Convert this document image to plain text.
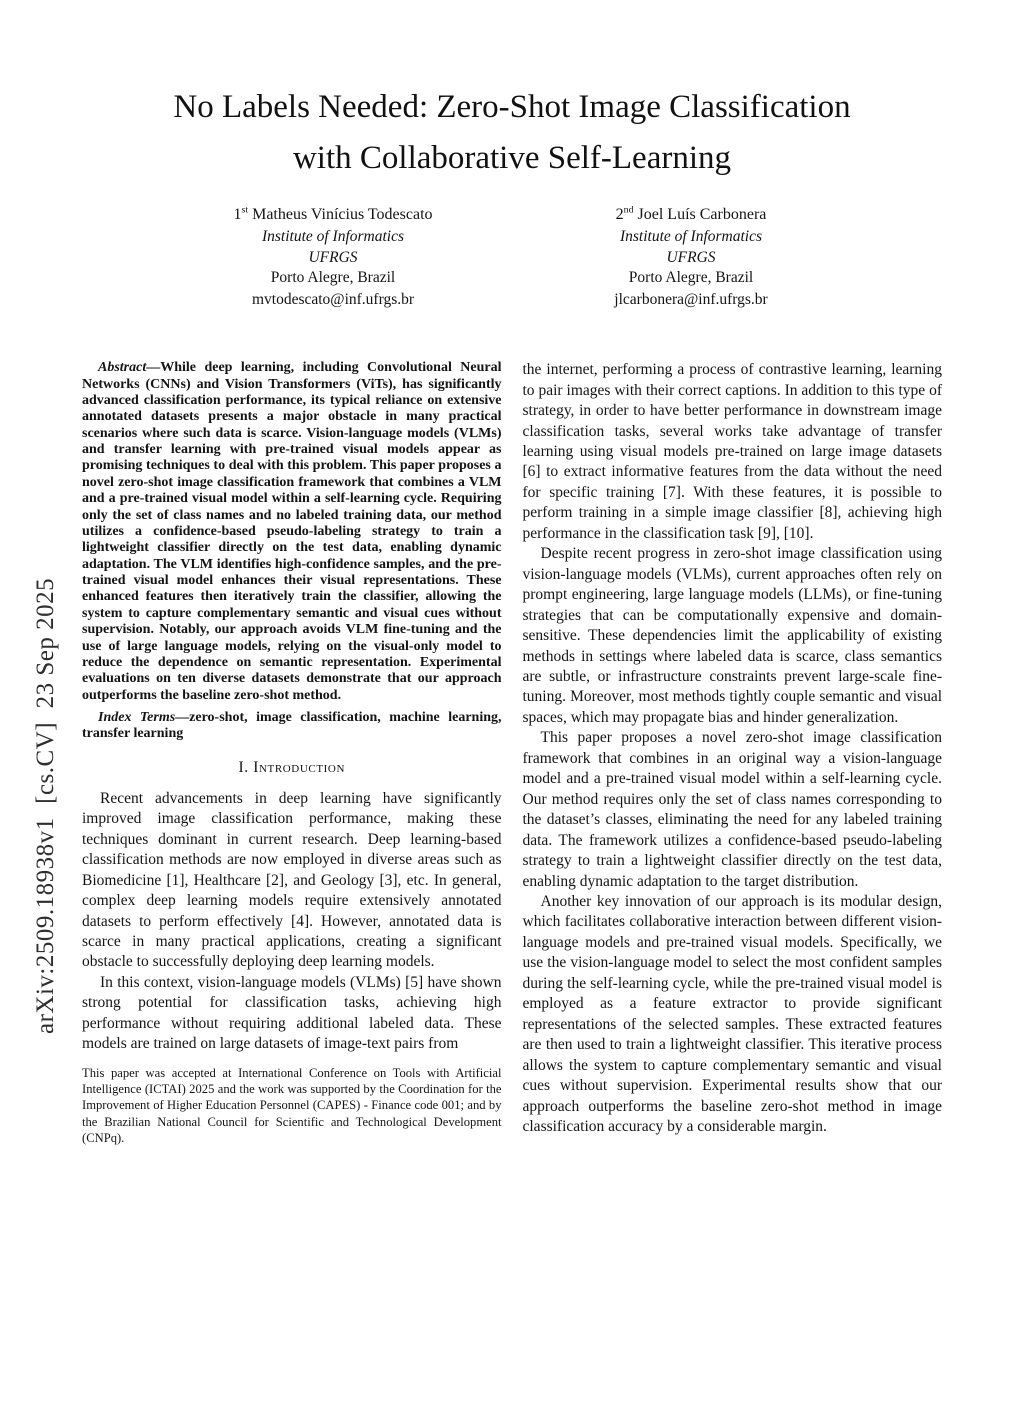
arXiv:2509.18938v1  [cs.CV]  23 Sep 2025
No Labels Needed: Zero-Shot Image Classification
with Collaborative Self-Learning
1st Matheus Vinícius Todescato
Institute of Informatics
UFRGS
Porto Alegre, Brazil
mvtodescato@inf.ufrgs.br
2nd Joel Luís Carbonera
Institute of Informatics
UFRGS
Porto Alegre, Brazil
jlcarbonera@inf.ufrgs.br

Abstract—While deep learning, including Convolutional Neural Networks (CNNs) and Vision Transformers (ViTs), has significantly advanced classification performance, its typical reliance on extensive annotated datasets presents a major obstacle in many practical scenarios where such data is scarce. Vision-language models (VLMs) and transfer learning with pre-trained visual models appear as promising techniques to deal with this problem. This paper proposes a novel zero-shot image classification framework that combines a VLM and a pre-trained visual model within a self-learning cycle. Requiring only the set of class names and no labeled training data, our method utilizes a confidence-based pseudo-labeling strategy to train a lightweight classifier directly on the test data, enabling dynamic adaptation. The VLM identifies high-confidence samples, and the pre-trained visual model enhances their visual representations. These enhanced features then iteratively train the classifier, allowing the system to capture complementary semantic and visual cues without supervision. Notably, our approach avoids VLM fine-tuning and the use of large language models, relying on the visual-only model to reduce the dependence on semantic representation. Experimental evaluations on ten diverse datasets demonstrate that our approach outperforms the baseline zero-shot method.

Index Terms—zero-shot, image classification, machine learning, transfer learning

I. Introduction

Recent advancements in deep learning have significantly improved image classification performance, making these techniques dominant in current research. Deep learning-based classification methods are now employed in diverse areas such as Biomedicine [1], Healthcare [2], and Geology [3], etc. In general, complex deep learning models require extensively annotated datasets to perform effectively [4]. However, annotated data is scarce in many practical applications, creating a significant obstacle to successfully deploying deep learning models.

In this context, vision-language models (VLMs) [5] have shown strong potential for classification tasks, achieving high performance without requiring additional labeled data. These models are trained on large datasets of image-text pairs from

This paper was accepted at International Conference on Tools with Artificial Intelligence (ICTAI) 2025 and the work was supported by the Coordination for the Improvement of Higher Education Personnel (CAPES) - Finance code 001; and by the Brazilian National Council for Scientific and Technological Development (CNPq).

the internet, performing a process of contrastive learning, learning to pair images with their correct captions. In addition to this type of strategy, in order to have better performance in downstream image classification tasks, several works take advantage of transfer learning using visual models pre-trained on large image datasets [6] to extract informative features from the data without the need for specific training [7]. With these features, it is possible to perform training in a simple image classifier [8], achieving high performance in the classification task [9], [10].

Despite recent progress in zero-shot image classification using vision-language models (VLMs), current approaches often rely on prompt engineering, large language models (LLMs), or fine-tuning strategies that can be computationally expensive and domain-sensitive. These dependencies limit the applicability of existing methods in settings where labeled data is scarce, class semantics are subtle, or infrastructure constraints prevent large-scale fine-tuning. Moreover, most methods tightly couple semantic and visual spaces, which may propagate bias and hinder generalization.

This paper proposes a novel zero-shot image classification framework that combines in an original way a vision-language model and a pre-trained visual model within a self-learning cycle. Our method requires only the set of class names corresponding to the dataset’s classes, eliminating the need for any labeled training data. The framework utilizes a confidence-based pseudo-labeling strategy to train a lightweight classifier directly on the test data, enabling dynamic adaptation to the target distribution.

Another key innovation of our approach is its modular design, which facilitates collaborative interaction between different vision-language models and pre-trained visual models. Specifically, we use the vision-language model to select the most confident samples during the self-learning cycle, while the pre-trained visual model is employed as a feature extractor to provide significant representations of the selected samples. These extracted features are then used to train a lightweight classifier. This iterative process allows the system to capture complementary semantic and visual cues without supervision. Experimental results show that our approach outperforms the baseline zero-shot method in image classification accuracy by a considerable margin.
